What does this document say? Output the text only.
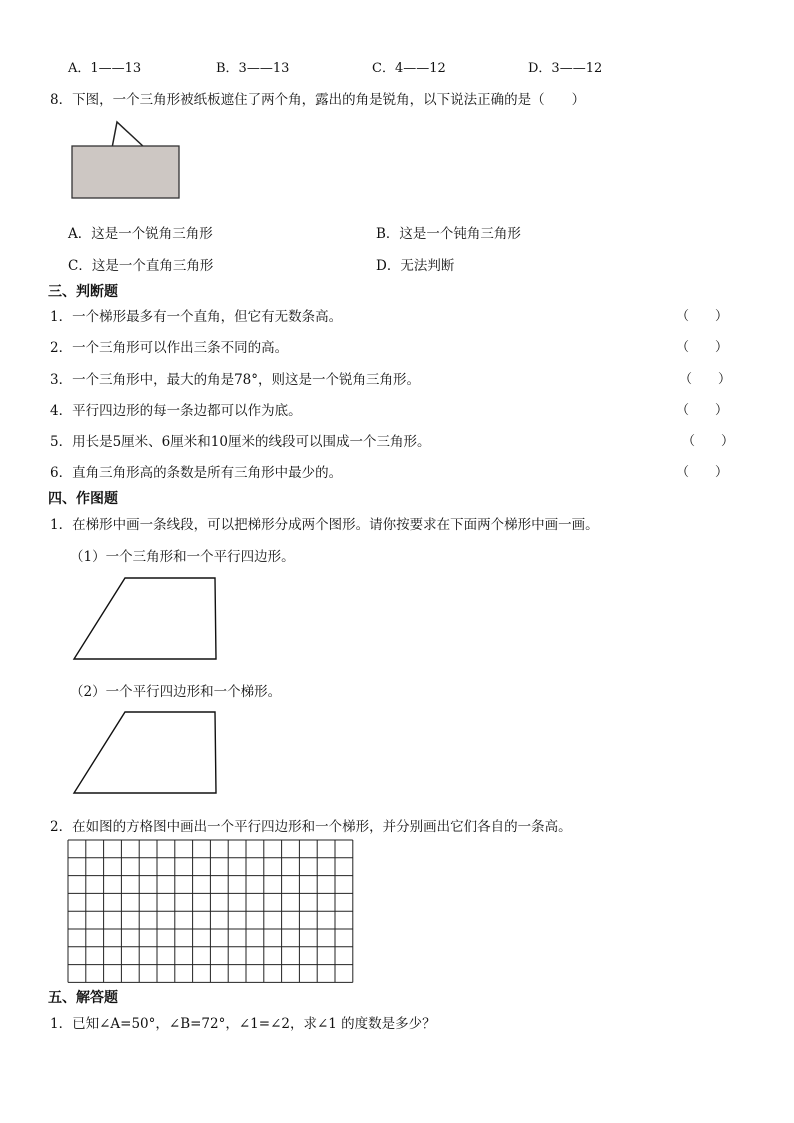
A．1——13	B．3——13	C．4——12	D．3——12
8．下图，一个三角形被纸板遮住了两个角，露出的角是锐角，以下说法正确的是（　　）
A．这是一个锐角三角形	B．这是一个钝角三角形
C．这是一个直角三角形	D．无法判断
三、判断题
1．一个梯形最多有一个直角，但它有无数条高。	（　　）
2．一个三角形可以作出三条不同的高。	（　　）
3．一个三角形中，最大的角是78°，则这是一个锐角三角形。	（　　）
4．平行四边形的每一条边都可以作为底。	（　　）
5．用长是5厘米、6厘米和10厘米的线段可以围成一个三角形。	（　　）
6．直角三角形高的条数是所有三角形中最少的。	（　　）
四、作图题
1．在梯形中画一条线段，可以把梯形分成两个图形。请你按要求在下面两个梯形中画一画。
（1）一个三角形和一个平行四边形。
（2）一个平行四边形和一个梯形。
2．在如图的方格图中画出一个平行四边形和一个梯形，并分别画出它们各自的一条高。
五、解答题
1．已知∠A=50°，∠B=72°，∠1=∠2，求∠1 的度数是多少？
